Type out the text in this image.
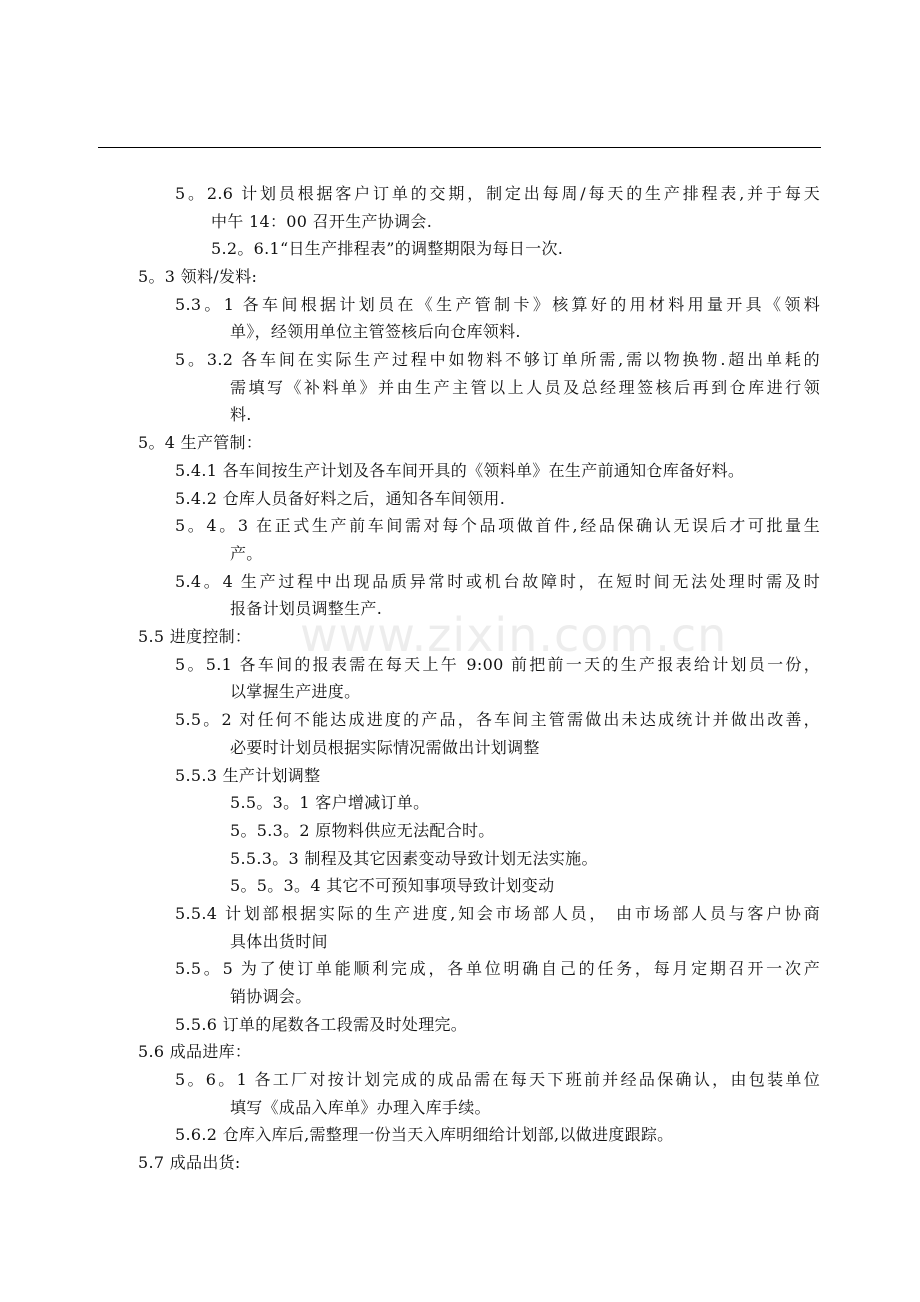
www.zixin.com.cn
5。2.6 计划员根据客户订单的交期，制定出每周/每天的生产排程表,并于每天
中午 14：00 召开生产协调会.
5.2。6.1“日生产排程表”的调整期限为每日一次.
5。3 领料/发料:
5.3。1 各车间根据计划员在《生产管制卡》核算好的用材料用量开具《领料
单》，经领用单位主管签核后向仓库领料.
5。3.2 各车间在实际生产过程中如物料不够订单所需,需以物换物.超出单耗的
需填写《补料单》并由生产主管以上人员及总经理签核后再到仓库进行领
料.
5。4 生产管制：
5.4.1 各车间按生产计划及各车间开具的《领料单》在生产前通知仓库备好料。
5.4.2 仓库人员备好料之后，通知各车间领用.
5。4。3 在正式生产前车间需对每个品项做首件,经品保确认无误后才可批量生
产。
5.4。4 生产过程中出现品质异常时或机台故障时，在短时间无法处理时需及时
报备计划员调整生产.
5.5 进度控制：
5。5.1 各车间的报表需在每天上午 9:00 前把前一天的生产报表给计划员一份，
以掌握生产进度。
5.5。2 对任何不能达成进度的产品，各车间主管需做出未达成统计并做出改善，
必要时计划员根据实际情况需做出计划调整
5.5.3 生产计划调整
5.5。3。1 客户增减订单。
5。5.3。2 原物料供应无法配合时。
5.5.3。3 制程及其它因素变动导致计划无法实施。
5。5。3。4 其它不可预知事项导致计划变动
5.5.4 计划部根据实际的生产进度,知会市场部人员， 由市场部人员与客户协商
具体出货时间
5.5。5 为了使订单能顺利完成，各单位明确自己的任务，每月定期召开一次产
销协调会。
5.5.6 订单的尾数各工段需及时处理完。
5.6 成品进库：
5。6。1 各工厂对按计划完成的成品需在每天下班前并经品保确认，由包装单位
填写《成品入库单》办理入库手续。
5.6.2 仓库入库后,需整理一份当天入库明细给计划部,以做进度跟踪。
5.7 成品出货:
